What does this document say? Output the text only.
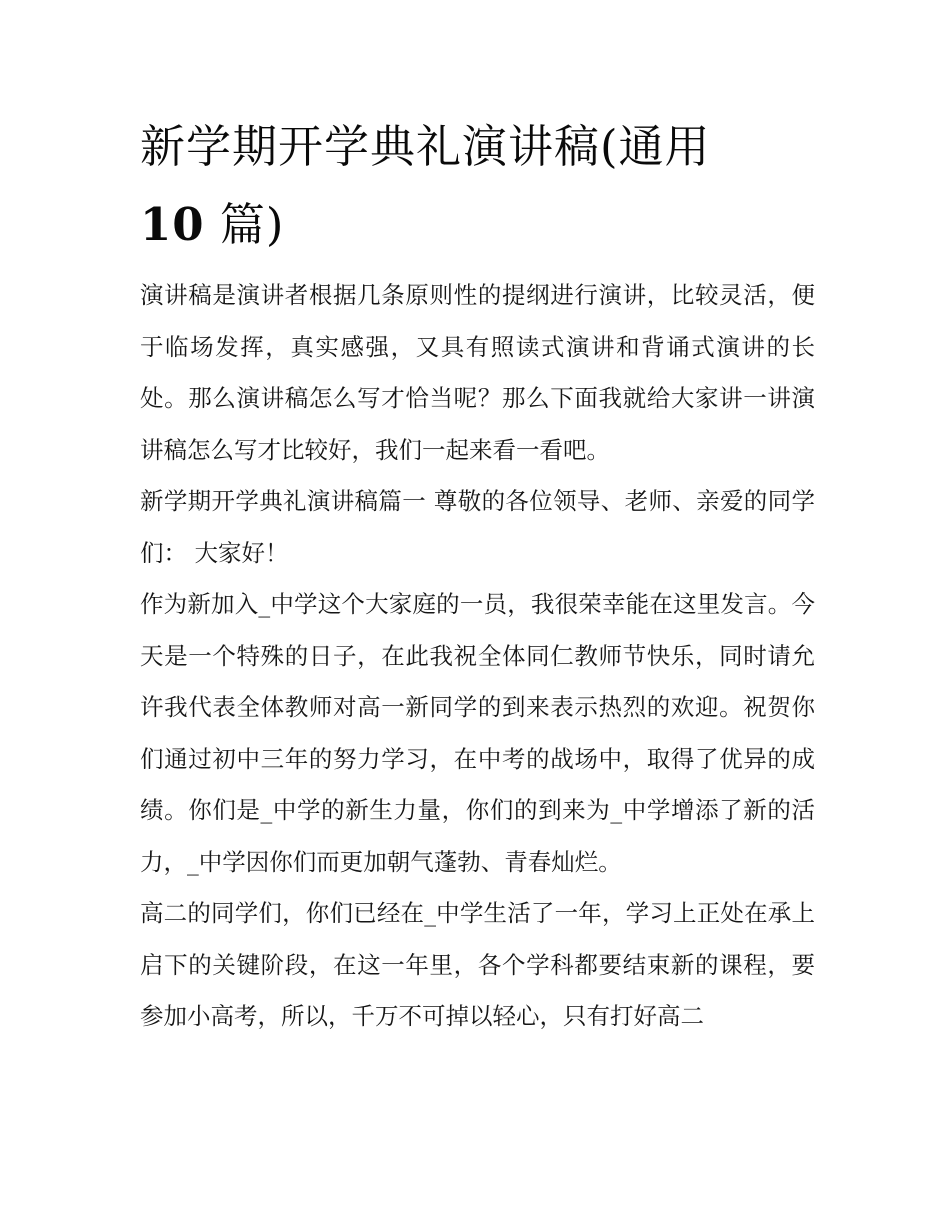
新学期开学典礼演讲稿(通用
10 篇)

演讲稿是演讲者根据几条原则性的提纲进行演讲，比较灵活，便于临场发挥，真实感强，又具有照读式演讲和背诵式演讲的长处。那么演讲稿怎么写才恰当呢？那么下面我就给大家讲一讲演讲稿怎么写才比较好，我们一起来看一看吧。

新学期开学典礼演讲稿篇一 尊敬的各位领导、老师、亲爱的同学们： 大家好！

作为新加入_中学这个大家庭的一员，我很荣幸能在这里发言。今天是一个特殊的日子，在此我祝全体同仁教师节快乐，同时请允许我代表全体教师对高一新同学的到来表示热烈的欢迎。祝贺你们通过初中三年的努力学习，在中考的战场中，取得了优异的成绩。你们是_中学的新生力量，你们的到来为_中学增添了新的活力，_中学因你们而更加朝气蓬勃、青春灿烂。

高二的同学们，你们已经在_中学生活了一年，学习上正处在承上启下的关键阶段，在这一年里，各个学科都要结束新的课程，要参加小高考，所以，千万不可掉以轻心，只有打好高二
